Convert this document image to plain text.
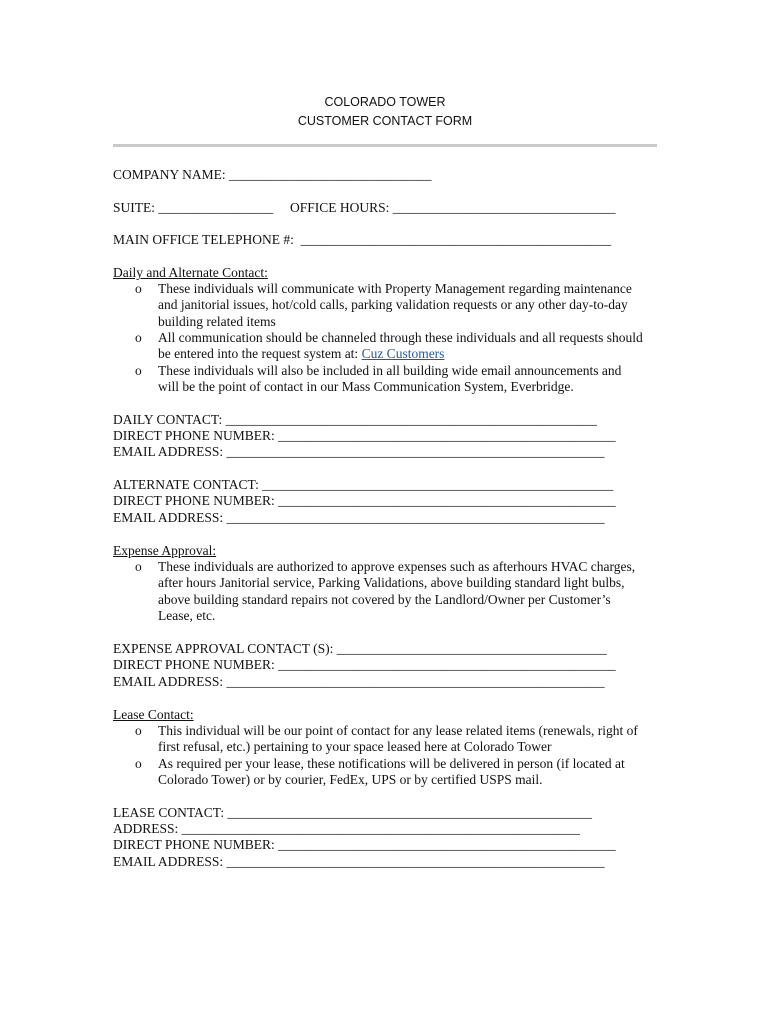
COLORADO TOWER
CUSTOMER CONTACT FORM
COMPANY NAME: ______________________________
SUITE: _________________     OFFICE HOURS: _________________________________
MAIN OFFICE TELEPHONE #:  ______________________________________________
Daily and Alternate Contact:
o These individuals will communicate with Property Management regarding maintenance
and janitorial issues, hot/cold calls, parking validation requests or any other day-to-day
building related items
o All communication should be channeled through these individuals and all requests should
be entered into the request system at: Cuz Customers
o These individuals will also be included in all building wide email announcements and
will be the point of contact in our Mass Communication System, Everbridge.
DAILY CONTACT: _______________________________________________________
DIRECT PHONE NUMBER: __________________________________________________
EMAIL ADDRESS: ________________________________________________________
ALTERNATE CONTACT: ____________________________________________________
DIRECT PHONE NUMBER: __________________________________________________
EMAIL ADDRESS: ________________________________________________________
Expense Approval:
o These individuals are authorized to approve expenses such as afterhours HVAC charges,
after hours Janitorial service, Parking Validations, above building standard light bulbs,
above building standard repairs not covered by the Landlord/Owner per Customer’s
Lease, etc.
EXPENSE APPROVAL CONTACT (S): ________________________________________
DIRECT PHONE NUMBER: __________________________________________________
EMAIL ADDRESS: ________________________________________________________
Lease Contact:
o This individual will be our point of contact for any lease related items (renewals, right of
first refusal, etc.) pertaining to your space leased here at Colorado Tower
o As required per your lease, these notifications will be delivered in person (if located at
Colorado Tower) or by courier, FedEx, UPS or by certified USPS mail.
LEASE CONTACT: ______________________________________________________
ADDRESS: ___________________________________________________________
DIRECT PHONE NUMBER: __________________________________________________
EMAIL ADDRESS: ________________________________________________________
